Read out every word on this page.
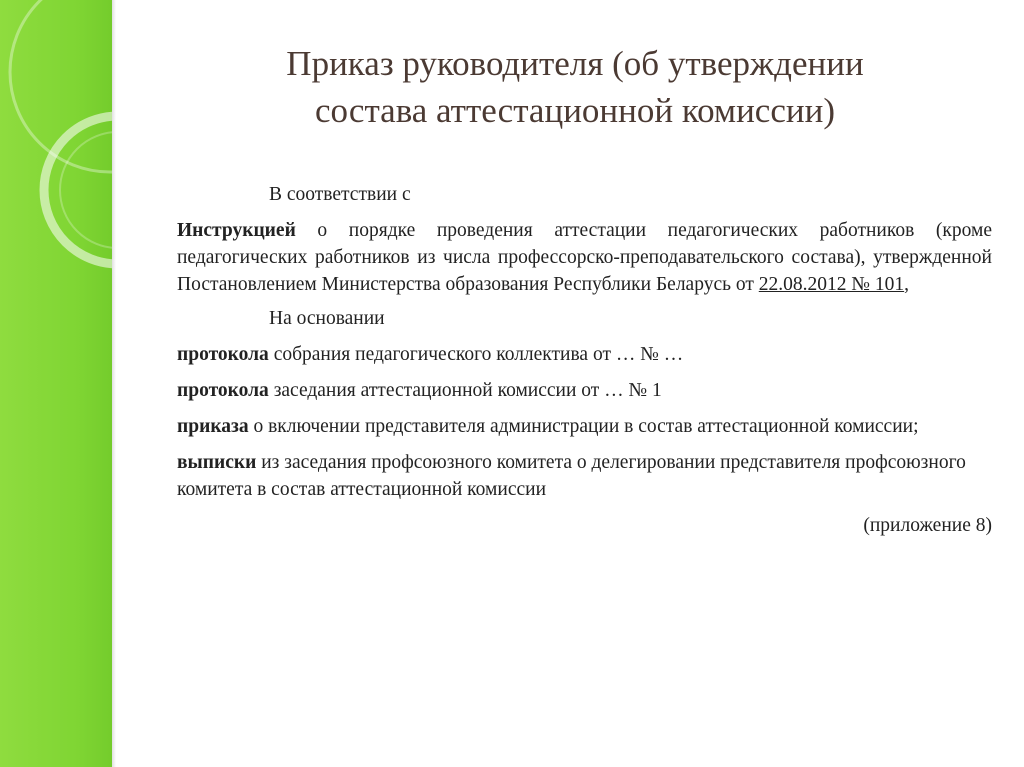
Приказ руководителя (об утверждении
состава аттестационной комиссии)

В соответствии с

Инструкцией о порядке проведения аттестации педагогических работников (кроме педагогических работников из числа профессорско-преподавательского состава), утвержденной Постановлением Министерства образования Республики Беларусь от 22.08.2012 № 101,

На основании

протокола собрания педагогического коллектива от … № …

протокола заседания аттестационной комиссии от … № 1

приказа о включении представителя администрации в состав аттестационной комиссии;

выписки из заседания профсоюзного комитета о делегировании представителя профсоюзного комитета в состав аттестационной комиссии

(приложение 8)
